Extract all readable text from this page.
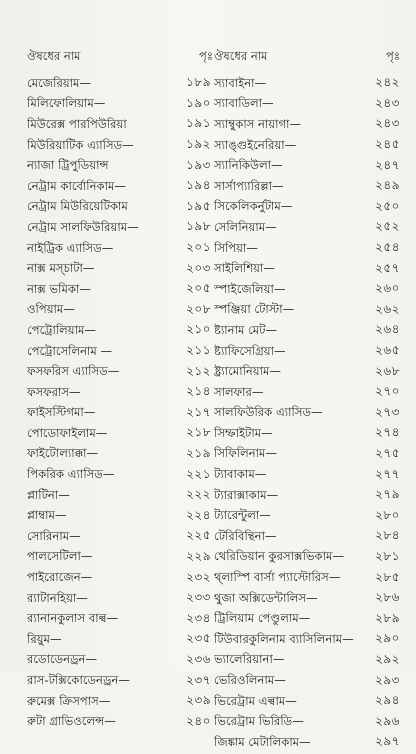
ঔষধের নাম	পৃঃ
মেজেরিয়াম—	১৮৯
মিলিফোলিয়াম—	১৯০
মিউরেক্স পারপিউরিয়া	১৯১
মিউরিয়াটিক এ্যাসিড—	১৯২
ন্যাজা ট্রিপুডিয়ান্স	১৯৩
নেট্রাম কার্বোনিকাম—	১৯৪
নেট্রাম মিউরিয়েটিকাম	১৯৫
নেট্রাম সালফিউরিয়াম—	১৯৮
নাইট্রিক এ্যাসিড—	২০১
নাক্স মস্চাটা—	২০৩
নাক্স ভমিকা—	২০৫
ওপিয়াম—	২০৮
পেট্রোলিয়াম—	২১০
পেট্রোসেলিনাম —	২১১
ফসফরিস এ্যাসিড—	২১২
ফসফরাস—	২১৪
ফাইসস্টিগমা—	২১৭
পোডোফাইলাম—	২১৮
ফাইটোল্যাক্কা—	২১৯
পিকরিক এ্যাসিড—	২২১
প্লাটিনা—	২২২
প্লাম্বাম—	২২৪
সোরিনাম—	২২৫
পালসেটিলা—	২২৯
পাইরোজেন—	২৩২
র‍্যাটানহিয়া—	২৩৩
র‍্যানানকুলাস বাল্ব—	২৩৪
রিয়ুম—	২৩৫
রডোডেনড্রন—	২৩৬
রাস-টক্সিকোডেনড্রন—	২৩৭
রুমেক্স ক্রিসপাস—	২৩৯
রুটা গ্রাভিওলেন্স—	২৪০
ঔষধের নাম	পৃঃ
স্যাবাইনা—	২৪২
স্যাবাডিলা—	২৪৩
স্যাম্বুকাস নায়াগা—	২৪৩
স্যাঙ্গুইনেরিয়া—	২৪৫
স্যানিকিউলা—	২৪৭
সার্সাপ্যারিল্লা—	২৪৯
সিকেলিকর্নুটাম—	২৫০
সেলিনিয়াম—	২৫২
সিপিয়া—	২৫৪
সাইলিশিয়া—	২৫৭
স্পাইজেলিয়া—	২৬০
স্পঞ্জিয়া টোস্টা—	২৬২
ষ্ট্যানাম মেট—	২৬৪
ষ্ট্যাফিসেগ্রিয়া—	২৬৫
ষ্ট্র্যামোনিয়াম—	২৬৮
সালফার—	২৭০
সালফিউরিক এ্যাসিড—	২৭৩
সিম্ফাইটাম—	২৭৪
সিফিলিনাম—	২৭৫
ট্যাবাকাম—	২৭৭
ট্যারাক্সাকাম—	২৭৯
ট্যারেন্টুলা—	২৮০
টেরিবিন্থিনা—	২৮৪
থেরিডিয়ান কুরসাক্সভিকাম—	২৮১
থ্লাস্পি বার্সা প্যাস্টোরিস—	২৮৫
থুজা অক্সিডেন্টালিস—	২৮৬
ট্রিলিয়াম পেণ্ডুলাম—	২৮৯
টিউবারকুলিনাম ব্যাসিলিনাম— ২৯০
ভ্যালেরিয়ানা—	২৯২
ভেরিওলিনাম—	২৯৩
ভিরেট্রাম এল্বাম—	২৯৪
ভিরেট্রাম ভিরিডি—	২৯৬
জিঙ্কাম মেটালিকাম—	২৯৭
